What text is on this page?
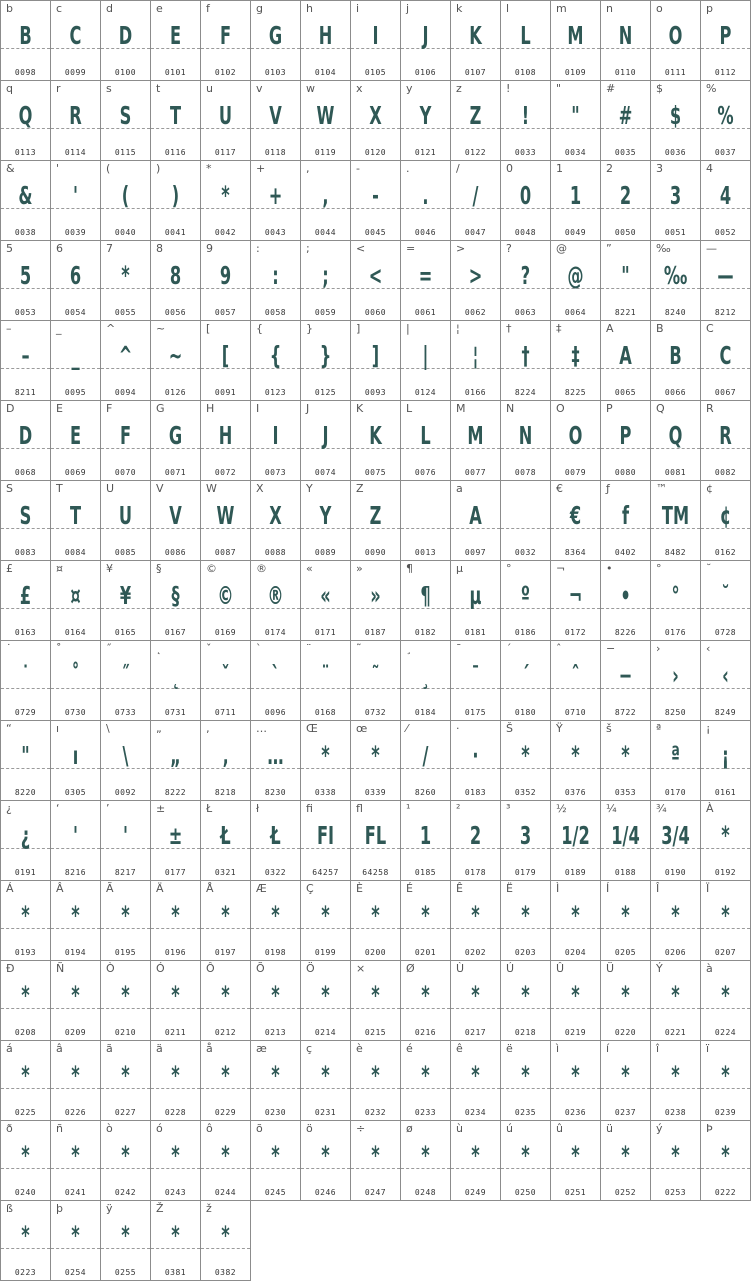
b
B
0098
c
C
0099
d
D
0100
e
E
0101
f
F
0102
g
G
0103
h
H
0104
i
I
0105
j
J
0106
k
K
0107
l
L
0108
m
M
0109
n
N
0110
o
O
0111
p
P
0112
q
Q
0113
r
R
0114
s
S
0115
t
T
0116
u
U
0117
v
V
0118
w
W
0119
x
X
0120
y
Y
0121
z
Z
0122
!
!
0033
"
"
0034
#
#
0035
$
$
0036
%
%
0037
&
&
0038
'
'
0039
(
(
0040
)
)
0041
*
*
0042
+
+
0043
,
,
0044
-
-
0045
.
.
0046
/
/
0047
0
0
0048
1
1
0049
2
2
0050
3
3
0051
4
4
0052
5
5
0053
6
6
0054
7
*
0055
8
8
0056
9
9
0057
:
:
0058
;
;
0059
<
<
0060
=
=
0061
>
>
0062
?
?
0063
@
@
0064
”
"
8221
‰
‰
8240
—
—
8212
–
–
8211
_
_
0095
^
^
0094
~
~
0126
[
[
0091
{
{
0123
}
}
0125
]
]
0093
|
|
0124
¦
¦
0166
†
†
8224
‡
‡
8225
A
A
0065
B
B
0066
C
C
0067
D
D
0068
E
E
0069
F
F
0070
G
G
0071
H
H
0072
I
I
0073
J
J
0074
K
K
0075
L
L
0076
M
M
0077
N
N
0078
O
O
0079
P
P
0080
Q
Q
0081
R
R
0082
S
S
0083
T
T
0084
U
U
0085
V
V
0086
W
W
0087
X
X
0088
Y
Y
0089
Z
Z
0090	0013
a
A
0097	0032
€
€
8364
ƒ
f
0402
™
TM
8482
¢
¢
0162
£
£
0163
¤
¤
0164
¥
¥
0165
§
§
0167
©
©
0169
®
®
0174
«
«
0171
»
»
0187
¶
¶
0182
µ
µ
0181
°
º
0186
¬
¬
0172
•
•
8226
°
°
0176
˘
˘
0728
˙
˙
0729
˚
˚
0730
˝
˝
0733
˛
˛
0731
ˇ
ˇ
0711
`
`
0096
¨
¨
0168
˜
˜
0732
¸
¸
0184
¯
¯
0175
´
´
0180
ˆ
ˆ
0710
−
−
8722
›
›
8250
‹
‹
8249
“
"
8220
ı
ı
0305
\
\
0092
„
„
8222
‚
‚
8218
…
…
8230
Œ
*
0338
œ
*
0339
⁄
/
8260
·
·
0183
Š
*
0352
Ÿ
*
0376
š
*
0353
ª
ª
0170
¡
¡
0161
¿
¿
0191
‘
'
8216
’
'
8217
±
±
0177
Ł
Ł
0321
ł
Ł
0322
ﬁ
FI
64257
ﬂ
FL
64258
¹
1
0185
²
2
0178
³
3
0179
½
1/2
0189
¼
1/4
0188
¾
3/4
0190
À
*
0192
Á
*
0193
Â
*
0194
Ã
*
0195
Ä
*
0196
Å
*
0197
Æ
*
0198
Ç
*
0199
È
*
0200
É
*
0201
Ê
*
0202
Ë
*
0203
Ì
*
0204
Í
*
0205
Î
*
0206
Ï
*
0207
Ð
*
0208
Ñ
*
0209
Ò
*
0210
Ó
*
0211
Ô
*
0212
Õ
*
0213
Ö
*
0214
×
*
0215
Ø
*
0216
Ù
*
0217
Ú
*
0218
Û
*
0219
Ü
*
0220
Ý
*
0221
à
*
0224
á
*
0225
â
*
0226
ã
*
0227
ä
*
0228
å
*
0229
æ
*
0230
ç
*
0231
è
*
0232
é
*
0233
ê
*
0234
ë
*
0235
ì
*
0236
í
*
0237
î
*
0238
ï
*
0239
ð
*
0240
ñ
*
0241
ò
*
0242
ó
*
0243
ô
*
0244
õ
*
0245
ö
*
0246
÷
*
0247
ø
*
0248
ù
*
0249
ú
*
0250
û
*
0251
ü
*
0252
ý
*
0253
Þ
*
0222
ß
*
0223
þ
*
0254
ÿ
*
0255
Ž
*
0381
ž
*
0382
